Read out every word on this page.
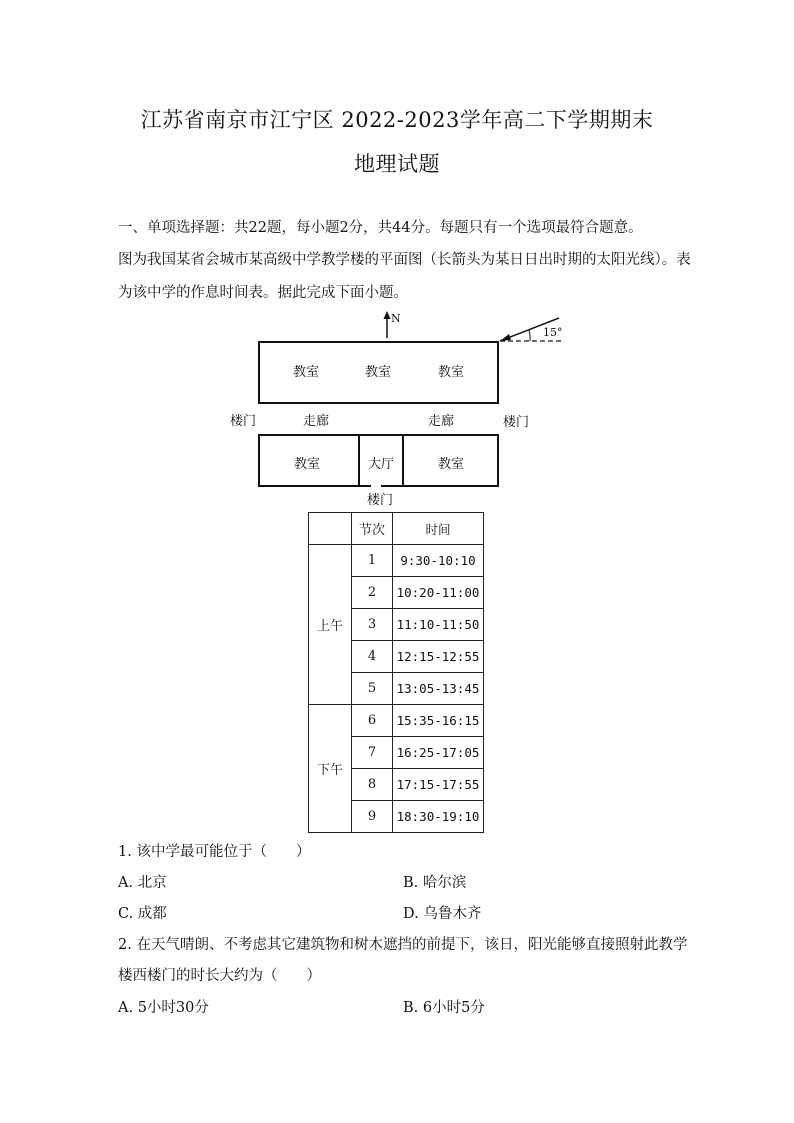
江苏省南京市江宁区 2022-2023学年高二下学期期末
地理试题
一、单项选择题：共22题，每小题2分，共44分。每题只有一个选项最符合题意。
图为我国某省会城市某高级中学教学楼的平面图（长箭头为某日日出时期的太阳光线）。表
为该中学的作息时间表。据此完成下面小题。
N
15°
教室	教室	教室
楼门	走廊	走廊	楼门
教室	大厅	教室
楼门
	节次	时间
上午	1	9:30-10:10
	2	10:20-11:00
	3	11:10-11:50
	4	12:15-12:55
	5	13:05-13:45
下午	6	15:35-16:15
	7	16:25-17:05
	8	17:15-17:55
	9	18:30-19:10
1. 该中学最可能位于（　　）
A. 北京	B. 哈尔滨
C. 成都	D. 乌鲁木齐
2. 在天气晴朗、不考虑其它建筑物和树木遮挡的前提下，该日，阳光能够直接照射此教学
楼西楼门的时长大约为（　　）
A. 5小时30分	B. 6小时5分
